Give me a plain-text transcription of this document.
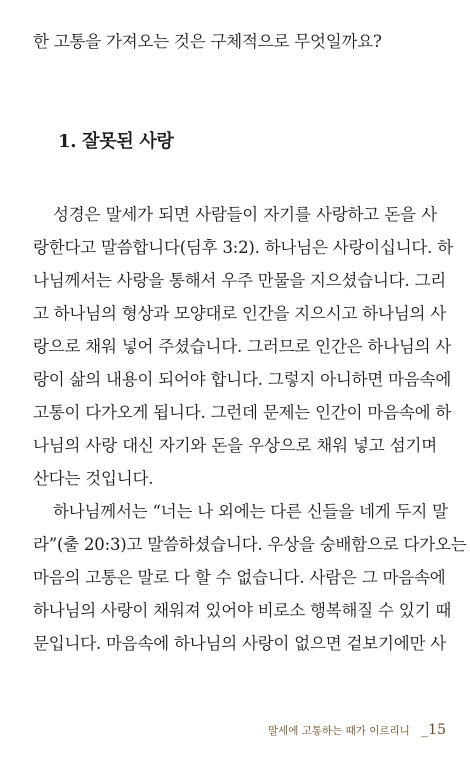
한 고통을 가져오는 것은 구체적으로 무엇일까요?
1. 잘못된 사랑
성경은 말세가 되면 사람들이 자기를 사랑하고 돈을 사
랑한다고 말씀합니다(딤후 3:2). 하나님은 사랑이십니다. 하
나님께서는 사랑을 통해서 우주 만물을 지으셨습니다. 그리
고 하나님의 형상과 모양대로 인간을 지으시고 하나님의 사
랑으로 채워 넣어 주셨습니다. 그러므로 인간은 하나님의 사
랑이 삶의 내용이 되어야 합니다. 그렇지 아니하면 마음속에
고통이 다가오게 됩니다. 그런데 문제는 인간이 마음속에 하
나님의 사랑 대신 자기와 돈을 우상으로 채워 넣고 섬기며
산다는 것입니다.
하나님께서는 “너는 나 외에는 다른 신들을 네게 두지 말
라”(출 20:3)고 말씀하셨습니다. 우상을 숭배함으로 다가오는
마음의 고통은 말로 다 할 수 없습니다. 사람은 그 마음속에
하나님의 사랑이 채워져 있어야 비로소 행복해질 수 있기 때
문입니다. 마음속에 하나님의 사랑이 없으면 겉보기에만 사
말세에 고통하는 때가 이르리니 _15
